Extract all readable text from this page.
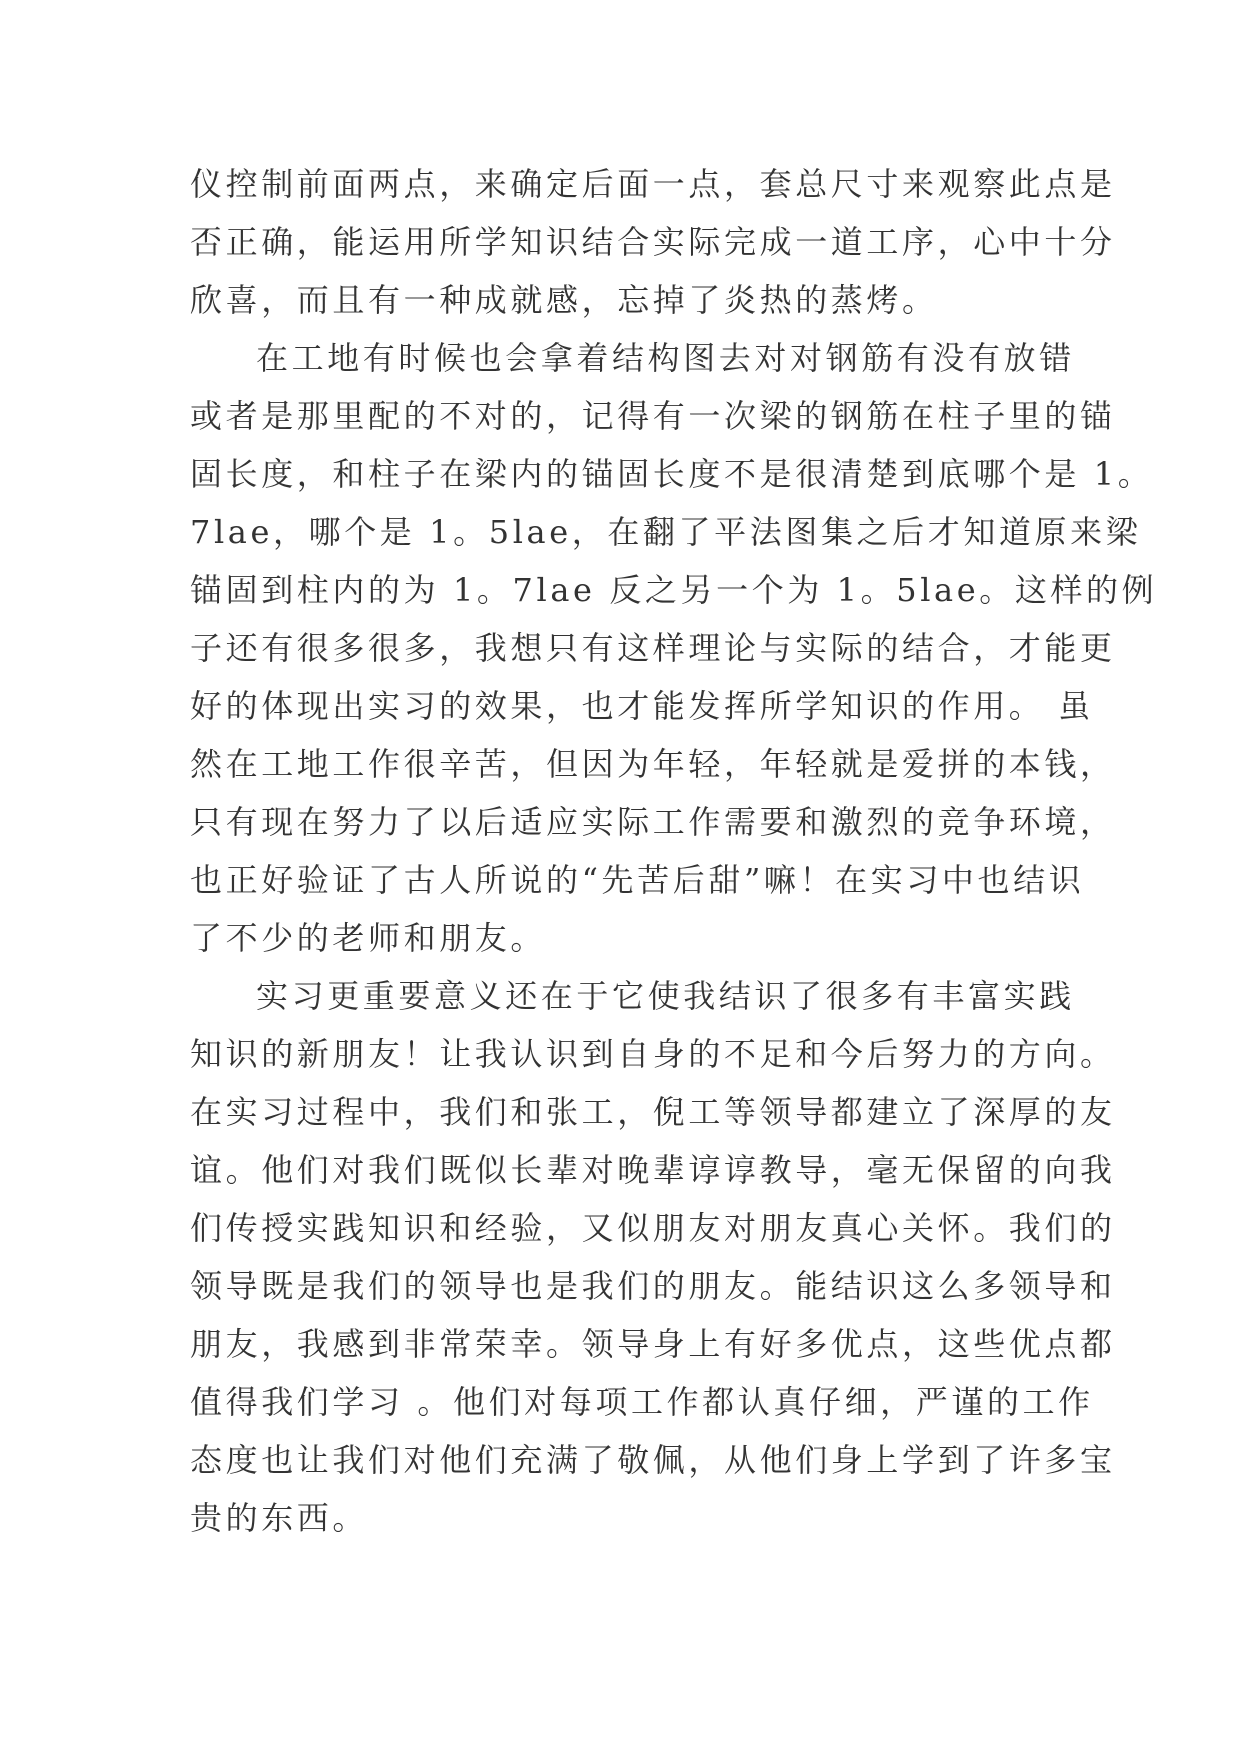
仪控制前面两点，来确定后面一点，套总尺寸来观察此点是
否正确，能运用所学知识结合实际完成一道工序，心中十分
欣喜，而且有一种成就感，忘掉了炎热的蒸烤。
在工地有时候也会拿着结构图去对对钢筋有没有放错
或者是那里配的不对的，记得有一次梁的钢筋在柱子里的锚
固长度，和柱子在梁内的锚固长度不是很清楚到底哪个是 1。
7lae，哪个是 1。5lae，在翻了平法图集之后才知道原来梁
锚固到柱内的为 1。7lae 反之另一个为 1。5lae。这样的例
子还有很多很多，我想只有这样理论与实际的结合，才能更
好的体现出实习的效果，也才能发挥所学知识的作用。 虽
然在工地工作很辛苦，但因为年轻，年轻就是爱拼的本钱，
只有现在努力了以后适应实际工作需要和激烈的竞争环境，
也正好验证了古人所说的“先苦后甜”嘛！在实习中也结识
了不少的老师和朋友。
实习更重要意义还在于它使我结识了很多有丰富实践
知识的新朋友！让我认识到自身的不足和今后努力的方向。
在实习过程中，我们和张工，倪工等领导都建立了深厚的友
谊。他们对我们既似长辈对晚辈谆谆教导，毫无保留的向我
们传授实践知识和经验，又似朋友对朋友真心关怀。我们的
领导既是我们的领导也是我们的朋友。能结识这么多领导和
朋友，我感到非常荣幸。领导身上有好多优点，这些优点都
值得我们学习 。他们对每项工作都认真仔细，严谨的工作
态度也让我们对他们充满了敬佩，从他们身上学到了许多宝
贵的东西。
